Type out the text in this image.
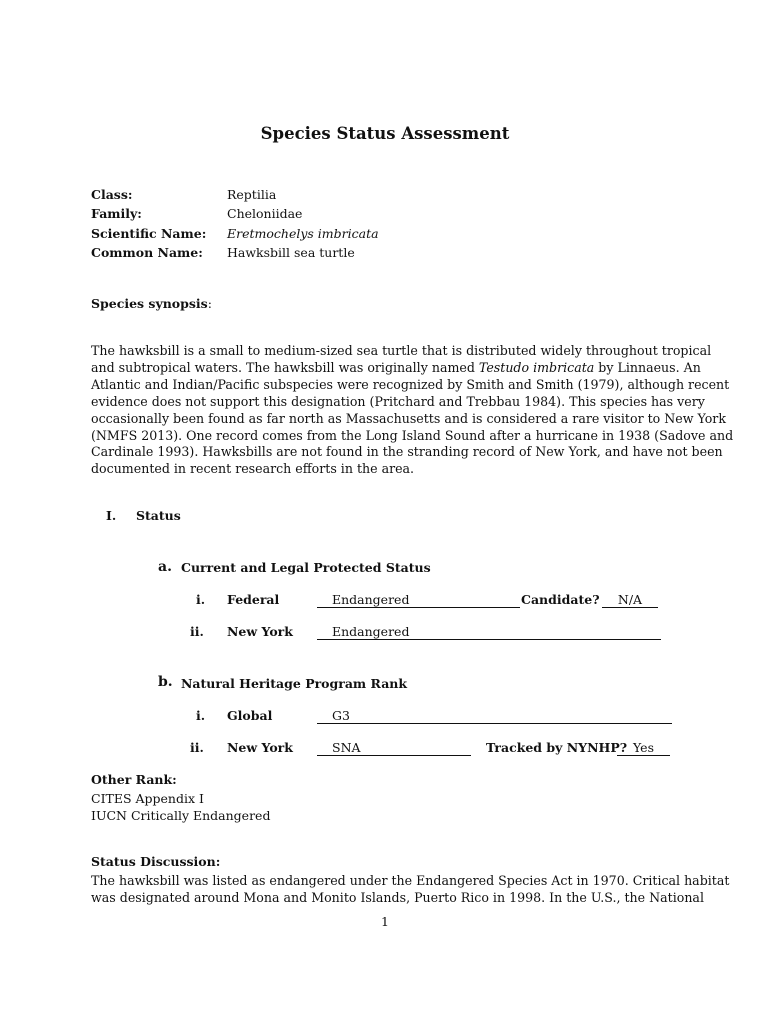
Species Status Assessment
Class:	Reptilia
Family:	Cheloniidae
Scientific Name: Eretmochelys imbricata
Common Name: Hawksbill sea turtle
Species synopsis:

The hawksbill is a small to medium-sized sea turtle that is distributed widely throughout tropical

and subtropical waters. The hawksbill was originally named Testudo imbricata by Linnaeus. An

Atlantic and Indian/Pacific subspecies were recognized by Smith and Smith (1979), although recent

evidence does not support this designation (Pritchard and Trebbau 1984). This species has very

occasionally been found as far north as Massachusetts and is considered a rare visitor to New York

(NMFS 2013). One record comes from the Long Island Sound after a hurricane in 1938 (Sadove and

Cardinale 1993). Hawksbills are not found in the stranding record of New York, and have not been

documented in recent research efforts in the area.

I. Status
a. Current and Legal Protected Status
i. Federal	Endangered	Candidate?	N/A
ii. New York	Endangered
b. Natural Heritage Program Rank
i. Global	G3
ii. New York	SNA	Tracked by NYNHP? Yes
Other Rank:
CITES Appendix I
IUCN Critically Endangered
Status Discussion:

The hawksbill was listed as endangered under the Endangered Species Act in 1970. Critical habitat

was designated around Mona and Monito Islands, Puerto Rico in 1998. In the U.S., the National

1
